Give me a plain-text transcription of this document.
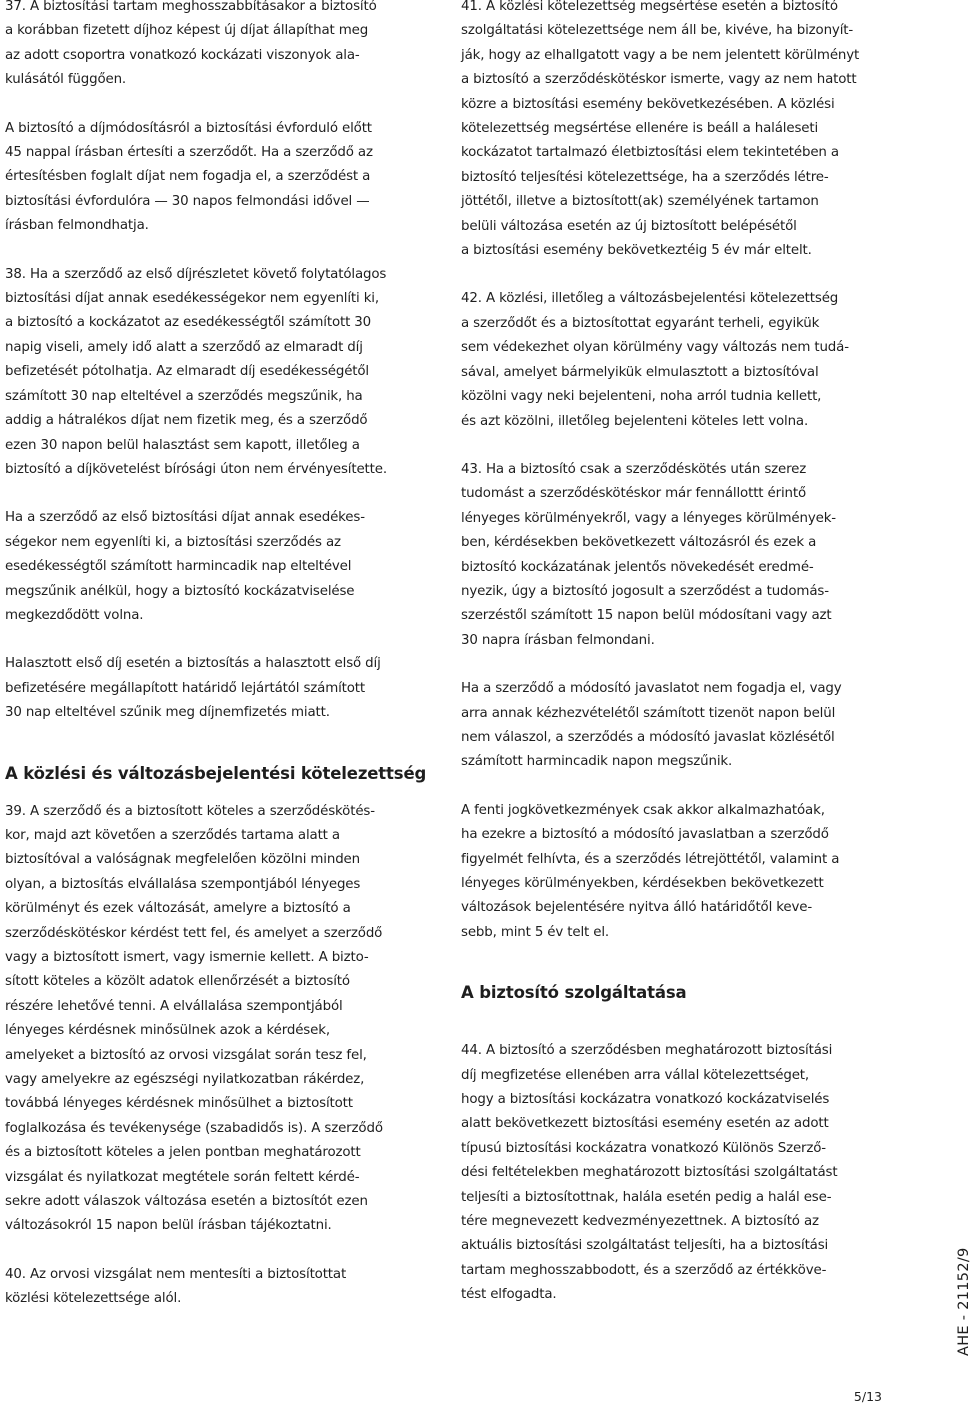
37. A biztosítási tartam meghosszabbításakor a biztosító
a korábban fizetett díjhoz képest új díjat állapíthat meg
az adott csoportra vonatkozó kockázati viszonyok ala-
kulásától függően.

A biztosító a díjmódosításról a biztosítási évforduló előtt
45 nappal írásban értesíti a szerződőt. Ha a szerződő az
értesítésben foglalt díjat nem fogadja el, a szerződést a
biztosítási évfordulóra — 30 napos felmondási idővel —
írásban felmondhatja.

38. Ha a szerződő az első díjrészletet követő folytatólagos
biztosítási díjat annak esedékességekor nem egyenlíti ki,
a biztosító a kockázatot az esedékességtől számított 30
napig viseli, amely idő alatt a szerződő az elmaradt díj
befizetését pótolhatja. Az elmaradt díj esedékességétől
számított 30 nap elteltével a szerződés megszűnik, ha
addig a hátralékos díjat nem fizetik meg, és a szerződő
ezen 30 napon belül halasztást sem kapott, illetőleg a
biztosító a díjkövetelést bírósági úton nem érvényesítette.

Ha a szerződő az első biztosítási díjat annak esedékes-
ségekor nem egyenlíti ki, a biztosítási szerződés az
esedékességtől számított harmincadik nap elteltével
megszűnik anélkül, hogy a biztosító kockázatviselése
megkezdődött volna.

Halasztott első díj esetén a biztosítás a halasztott első díj
befizetésére megállapított határidő lejártától számított
30 nap elteltével szűnik meg díjnemfizetés miatt.

A közlési és változásbejelentési kötelezettség

39. A szerződő és a biztosított köteles a szerződéskötés-
kor, majd azt követően a szerződés tartama alatt a
biztosítóval a valóságnak megfelelően közölni minden
olyan, a biztosítás elvállalása szempontjából lényeges
körülményt és ezek változását, amelyre a biztosító a
szerződéskötéskor kérdést tett fel, és amelyet a szerződő
vagy a biztosított ismert, vagy ismernie kellett. A bizto-
sított köteles a közölt adatok ellenőrzését a biztosító
részére lehetővé tenni. A elvállalása szempontjából
lényeges kérdésnek minősülnek azok a kérdések,
amelyeket a biztosító az orvosi vizsgálat során tesz fel,
vagy amelyekre az egészségi nyilatkozatban rákérdez,
továbbá lényeges kérdésnek minősülhet a biztosított
foglalkozása és tevékenysége (szabadidős is). A szerződő
és a biztosított köteles a jelen pontban meghatározott
vizsgálat és nyilatkozat megtétele során feltett kérdé-
sekre adott válaszok változása esetén a biztosítót ezen
változásokról 15 napon belül írásban tájékoztatni.

40. Az orvosi vizsgálat nem mentesíti a biztosítottat
közlési kötelezettsége alól.

41. A közlési kötelezettség megsértése esetén a biztosító
szolgáltatási kötelezettsége nem áll be, kivéve, ha bizonyít-
ják, hogy az elhallgatott vagy a be nem jelentett körülményt
a biztosító a szerződéskötéskor ismerte, vagy az nem hatott
közre a biztosítási esemény bekövetkezésében. A közlési
kötelezettség megsértése ellenére is beáll a haláleseti
kockázatot tartalmazó életbiztosítási elem tekintetében a
biztosító teljesítési kötelezettsége, ha a szerződés létre-
jöttétől, illetve a biztosított(ak) személyének tartamon
belüli változása esetén az új biztosított belépésétől
a biztosítási esemény bekövetkeztéig 5 év már eltelt.

42. A közlési, illetőleg a változásbejelentési kötelezettség
a szerződőt és a biztosítottat egyaránt terheli, egyikük
sem védekezhet olyan körülmény vagy változás nem tudá-
sával, amelyet bármelyikük elmulasztott a biztosítóval
közölni vagy neki bejelenteni, noha arról tudnia kellett,
és azt közölni, illetőleg bejelenteni köteles lett volna.

43. Ha a biztosító csak a szerződéskötés után szerez
tudomást a szerződéskötéskor már fennállottt érintő
lényeges körülményekről, vagy a lényeges körülmények-
ben, kérdésekben bekövetkezett változásról és ezek a
biztosító kockázatának jelentős növekedését eredmé-
nyezik, úgy a biztosító jogosult a szerződést a tudomás-
szerzéstől számított 15 napon belül módosítani vagy azt
30 napra írásban felmondani.

Ha a szerződő a módosító javaslatot nem fogadja el, vagy
arra annak kézhezvételétől számított tizenöt napon belül
nem válaszol, a szerződés a módosító javaslat közlésétől
számított harmincadik napon megszűnik.

A fenti jogkövetkezmények csak akkor alkalmazhatóak,
ha ezekre a biztosító a módosító javaslatban a szerződő
figyelmét felhívta, és a szerződés létrejöttétől, valamint a
lényeges körülményekben, kérdésekben bekövetkezett
változások bejelentésére nyitva álló határidőtől keve-
sebb, mint 5 év telt el.

A biztosító szolgáltatása

44. A biztosító a szerződésben meghatározott biztosítási
díj megfizetése ellenében arra vállal kötelezettséget,
hogy a biztosítási kockázatra vonatkozó kockázatviselés
alatt bekövetkezett biztosítási esemény esetén az adott
típusú biztosítási kockázatra vonatkozó Különös Szerző-
dési feltételekben meghatározott biztosítási szolgáltatást
teljesíti a biztosítottnak, halála esetén pedig a halál ese-
tére megnevezett kedvezményezettnek. A biztosító az
aktuális biztosítási szolgáltatást teljesíti, ha a biztosítási
tartam meghosszabbodott, és a szerződő az értékköve-
tést elfogadta.	AHE - 21152/9
5/13
